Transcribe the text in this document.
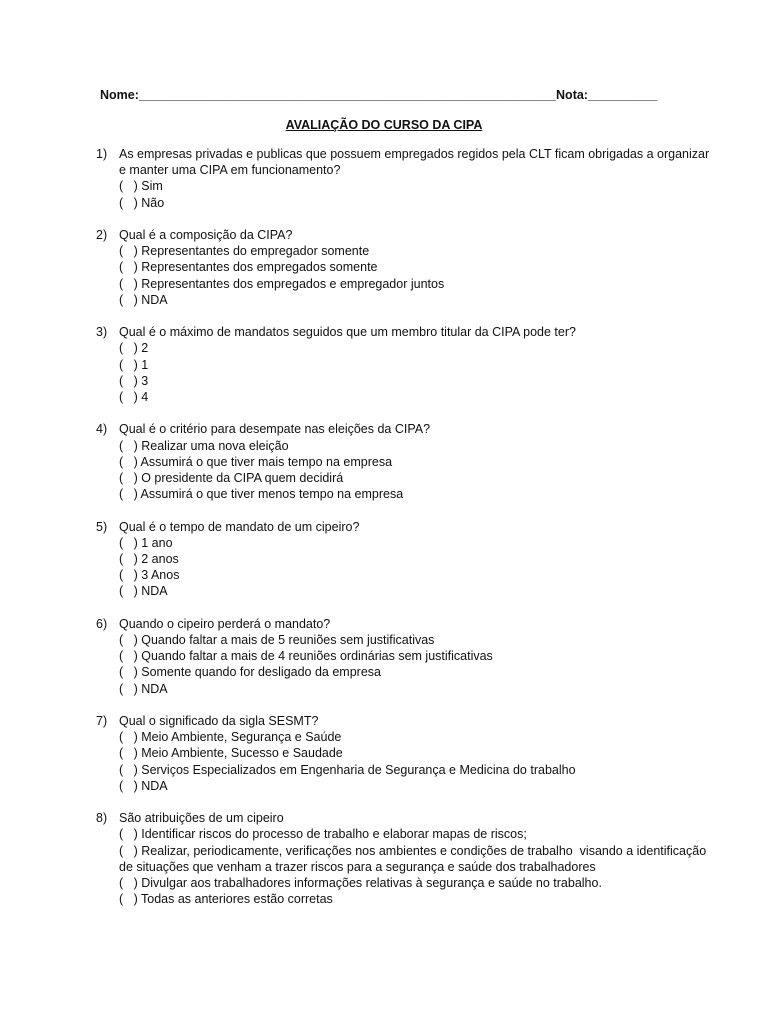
Nome:____________________________________________________________Nota:__________
AVALIAÇÃO DO CURSO DA CIPA
1) As empresas privadas e publicas que possuem empregados regidos pela CLT ficam obrigadas a organizar e manter uma CIPA em funcionamento?
(   ) Sim
(   ) Não
2) Qual é a composição da CIPA?
(   ) Representantes do empregador somente
(   ) Representantes dos empregados somente
(   ) Representantes dos empregados e empregador juntos
(   ) NDA
3) Qual é o máximo de mandatos seguidos que um membro titular da CIPA pode ter?
(   ) 2
(   ) 1
(   ) 3
(   ) 4
4) Qual é o critério para desempate nas eleições da CIPA?
(   ) Realizar uma nova eleição
(   ) Assumirá o que tiver mais tempo na empresa
(   ) O presidente da CIPA quem decidirá
(   ) Assumirá o que tiver menos tempo na empresa
5) Qual é o tempo de mandato de um cipeiro?
(   ) 1 ano
(   ) 2 anos
(   ) 3 Anos
(   ) NDA
6) Quando o cipeiro perderá o mandato?
(   ) Quando faltar a mais de 5 reuniões sem justificativas
(   ) Quando faltar a mais de 4 reuniões ordinárias sem justificativas
(   ) Somente quando for desligado da empresa
(   ) NDA
7) Qual o significado da sigla SESMT?
(   ) Meio Ambiente, Segurança e Saúde
(   ) Meio Ambiente, Sucesso e Saudade
(   ) Serviços Especializados em Engenharia de Segurança e Medicina do trabalho
(   ) NDA
8) São atribuições de um cipeiro
(   ) Identificar riscos do processo de trabalho e elaborar mapas de riscos;
(   ) Realizar, periodicamente, verificações nos ambientes e condições de trabalho  visando a identificação de situações que venham a trazer riscos para a segurança e saúde dos trabalhadores
(   ) Divulgar aos trabalhadores informações relativas à segurança e saúde no trabalho.
(   ) Todas as anteriores estão corretas
